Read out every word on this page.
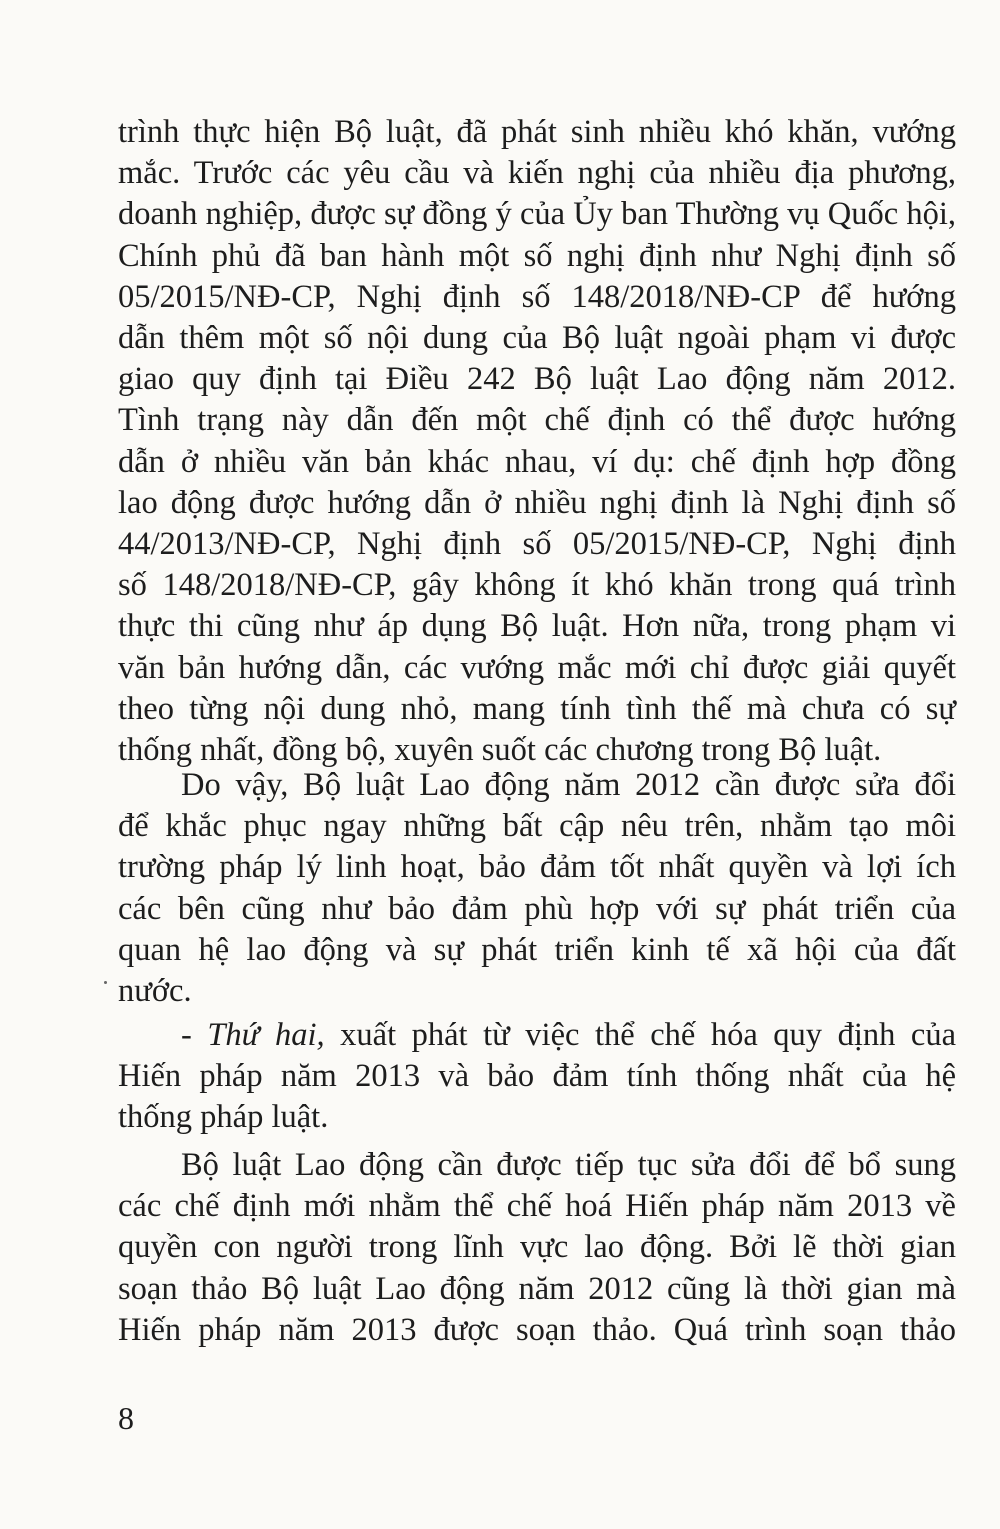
trình thực hiện Bộ luật, đã phát sinh nhiều khó khăn, vướng
mắc. Trước các yêu cầu và kiến nghị của nhiều địa phương,
doanh nghiệp, được sự đồng ý của Ủy ban Thường vụ Quốc hội,
Chính phủ đã ban hành một số nghị định như Nghị định số
05/2015/NĐ-CP, Nghị định số 148/2018/NĐ-CP để hướng
dẫn thêm một số nội dung của Bộ luật ngoài phạm vi được
giao quy định tại Điều 242 Bộ luật Lao động năm 2012.
Tình trạng này dẫn đến một chế định có thể được hướng
dẫn ở nhiều văn bản khác nhau, ví dụ: chế định hợp đồng
lao động được hướng dẫn ở nhiều nghị định là Nghị định số
44/2013/NĐ-CP, Nghị định số 05/2015/NĐ-CP, Nghị định
số 148/2018/NĐ-CP, gây không ít khó khăn trong quá trình
thực thi cũng như áp dụng Bộ luật. Hơn nữa, trong phạm vi
văn bản hướng dẫn, các vướng mắc mới chỉ được giải quyết
theo từng nội dung nhỏ, mang tính tình thế mà chưa có sự
thống nhất, đồng bộ, xuyên suốt các chương trong Bộ luật.
Do vậy, Bộ luật Lao động năm 2012 cần được sửa đổi
để khắc phục ngay những bất cập nêu trên, nhằm tạo môi
trường pháp lý linh hoạt, bảo đảm tốt nhất quyền và lợi ích
các bên cũng như bảo đảm phù hợp với sự phát triển của
quan hệ lao động và sự phát triển kinh tế xã hội của đất
nước.
- Thứ hai, xuất phát từ việc thể chế hóa quy định của
Hiến pháp năm 2013 và bảo đảm tính thống nhất của hệ
thống pháp luật.
Bộ luật Lao động cần được tiếp tục sửa đổi để bổ sung
các chế định mới nhằm thể chế hoá Hiến pháp năm 2013 về
quyền con người trong lĩnh vực lao động. Bởi lẽ thời gian
soạn thảo Bộ luật Lao động năm 2012 cũng là thời gian mà
Hiến pháp năm 2013 được soạn thảo. Quá trình soạn thảo
8
